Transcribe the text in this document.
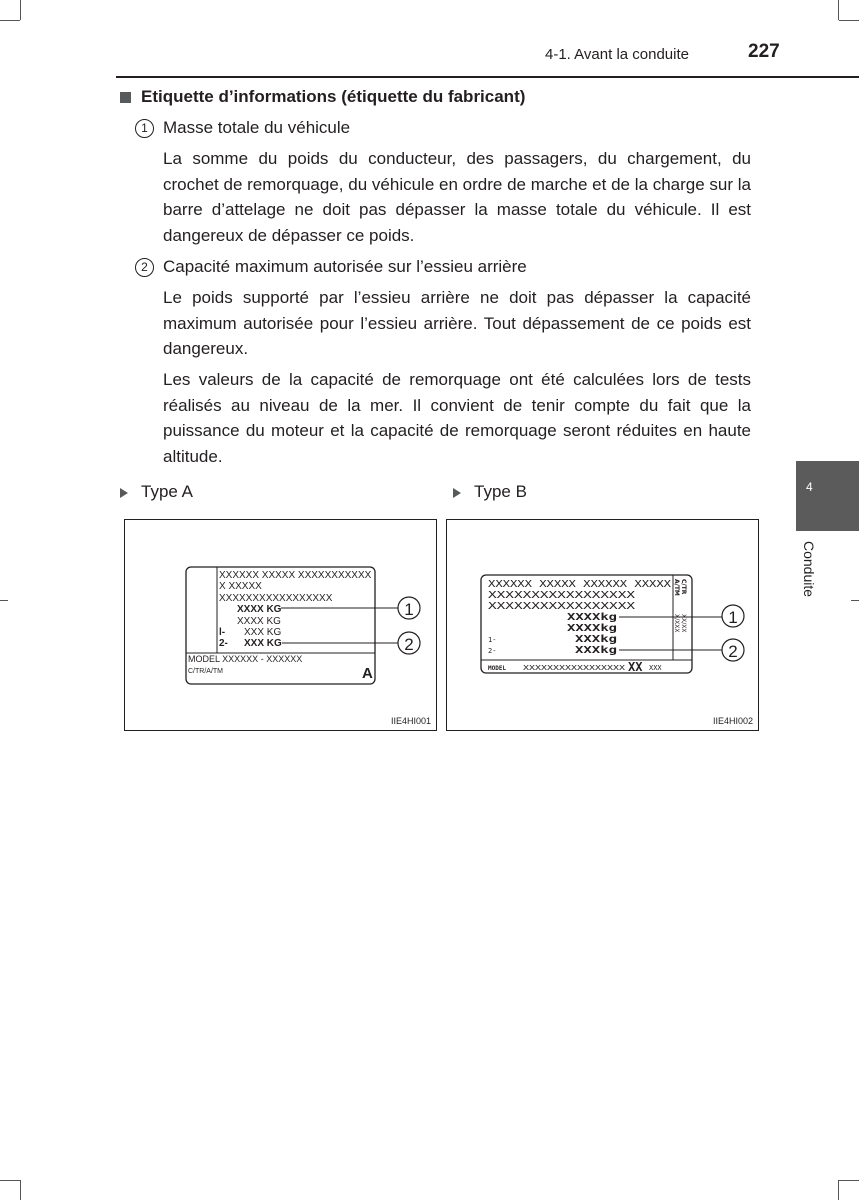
4-1. Avant la conduite	227
4
Conduite
Etiquette d’informations (étiquette du fabricant)
1 Masse totale du véhicule

La somme du poids du conducteur, des passagers, du chargement, du crochet de remorquage, du véhicule en ordre de marche et de la charge sur la barre d’attelage ne doit pas dépasser la masse totale du véhicule. Il est dangereux de dépasser ce poids.

2 Capacité maximum autorisée sur l’essieu arrière

Le poids supporté par l’essieu arrière ne doit pas dépasser la capacité maximum autorisée pour l’essieu arrière. Tout dépassement de ce poids est dangereux.

Les valeurs de la capacité de remorquage ont été calculées lors de tests réalisés au niveau de la mer. Il convient de tenir compte du fait que la puissance du moteur et la capacité de remorquage seront réduites en haute altitude.

Type A	Type B
XXXXXX XXXXX XXXXXXXXXXX
X XXXXX
XXXXXXXXXXXXXXXXX
XXXX KG
XXXX KG
l- XXX KG
2- XXX KG
MODEL XXXXXX - XXXXXX
C/TR/A/TM	A
1
2
IIE4HI001
XXXXXX XXXXX XXXXXX XXXXX
XXXXXXXXXXXXXXXXX
XXXXXXXXXXXXXXXXX
XXXXkg
XXXXkg
1-	XXXkg
2-	XXXkg
MODEL XXXXXXXXXXXXXXXXX XX XXX
C/TR
A/TM
XX/XX
X/XXX	1
2
IIE4HI002
